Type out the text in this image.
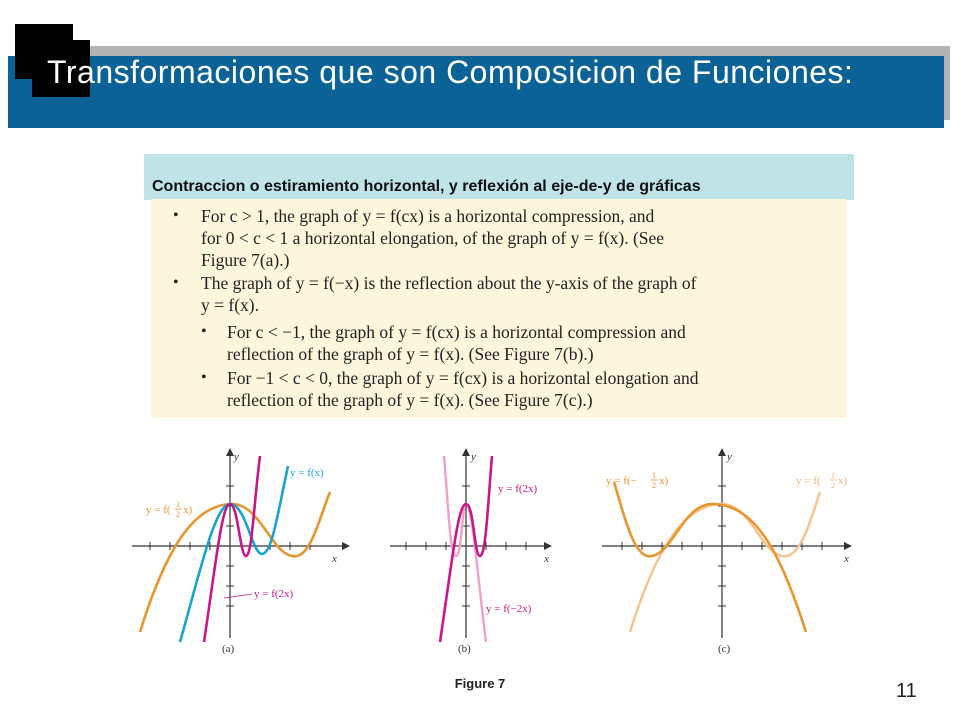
Transformaciones que son Composicion de Funciones:
Contraccion o estiramiento horizontal, y reflexión al eje-de-y de gráficas
• For c > 1, the graph of y = f(cx) is a horizontal compression, and
for 0 < c < 1 a horizontal elongation, of the graph of y = f(x). (See
Figure 7(a).)
• The graph of y = f(−x) is the reflection about the y-axis of the graph of
y = f(x).
• For c < −1, the graph of y = f(cx) is a horizontal compression and
reflection of the graph of y = f(x). (See Figure 7(b).)
• For −1 < c < 0, the graph of y = f(cx) is a horizontal elongation and
reflection of the graph of y = f(x). (See Figure 7(c).)
y
x
y = f(x)
y = f( 1
2 x)
y = f(2x)
(a)
y
x
y = f(2x)
y = f(−2x)
(b)
y
x
y = f(− 1
2 x)	y = f( 1
2 x)
(c)
Figure 7	11
